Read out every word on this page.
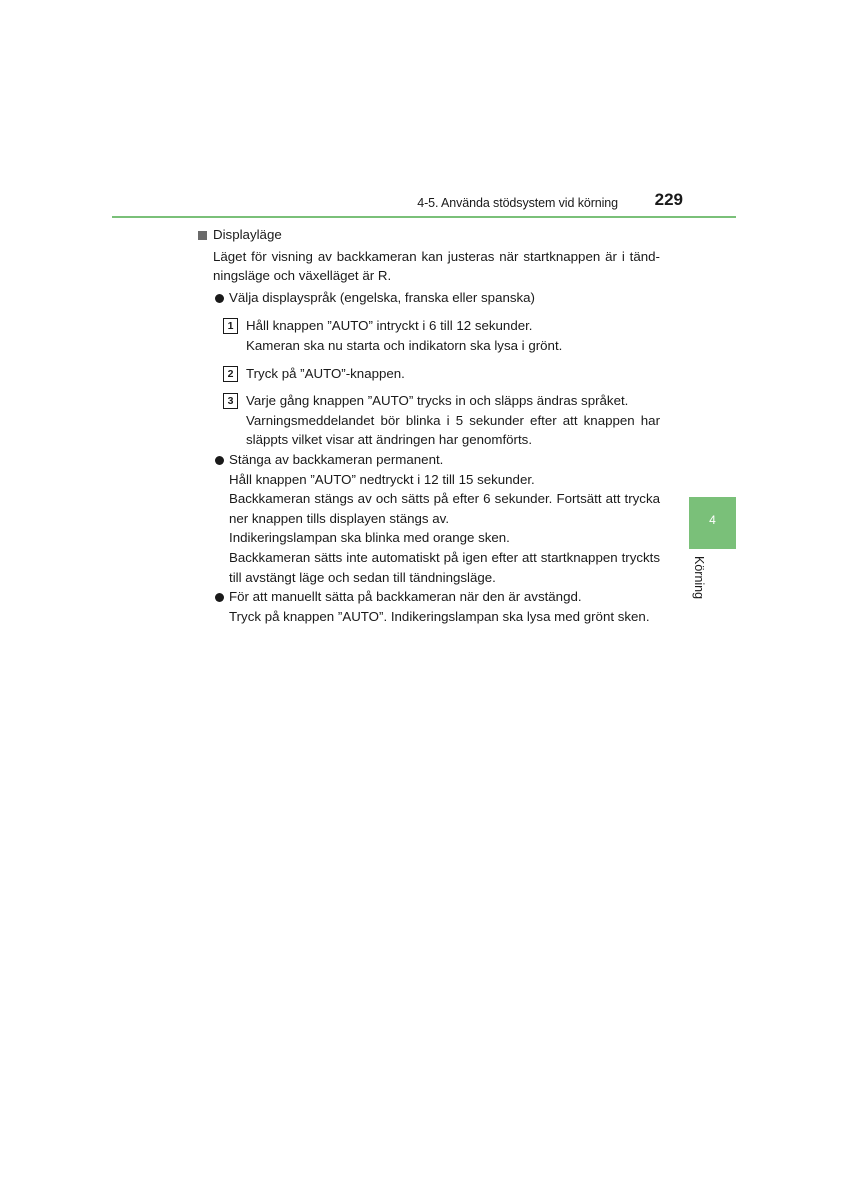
4-5. Använda stödsystem vid körning 229
4
Körning
Displayläge
Läget för visning av backkameran kan justeras när startknappen är i tänd-
ningsläge och växelläget är R.
Välja displayspråk (engelska, franska eller spanska)
1 Håll knappen ”AUTO” intryckt i 6 till 12 sekunder.
Kameran ska nu starta och indikatorn ska lysa i grönt.
2 Tryck på ”AUTO”-knappen.
3 Varje gång knappen ”AUTO” trycks in och släpps ändras språket.
Varningsmeddelandet bör blinka i 5 sekunder efter att knappen har
släppts vilket visar att ändringen har genomförts.
Stänga av backkameran permanent.
Håll knappen ”AUTO” nedtryckt i 12 till 15 sekunder.
Backkameran stängs av och sätts på efter 6 sekunder. Fortsätt att trycka
ner knappen tills displayen stängs av.
Indikeringslampan ska blinka med orange sken.
Backkameran sätts inte automatiskt på igen efter att startknappen tryckts
till avstängt läge och sedan till tändningsläge.
För att manuellt sätta på backkameran när den är avstängd.
Tryck på knappen ”AUTO”. Indikeringslampan ska lysa med grönt sken.
